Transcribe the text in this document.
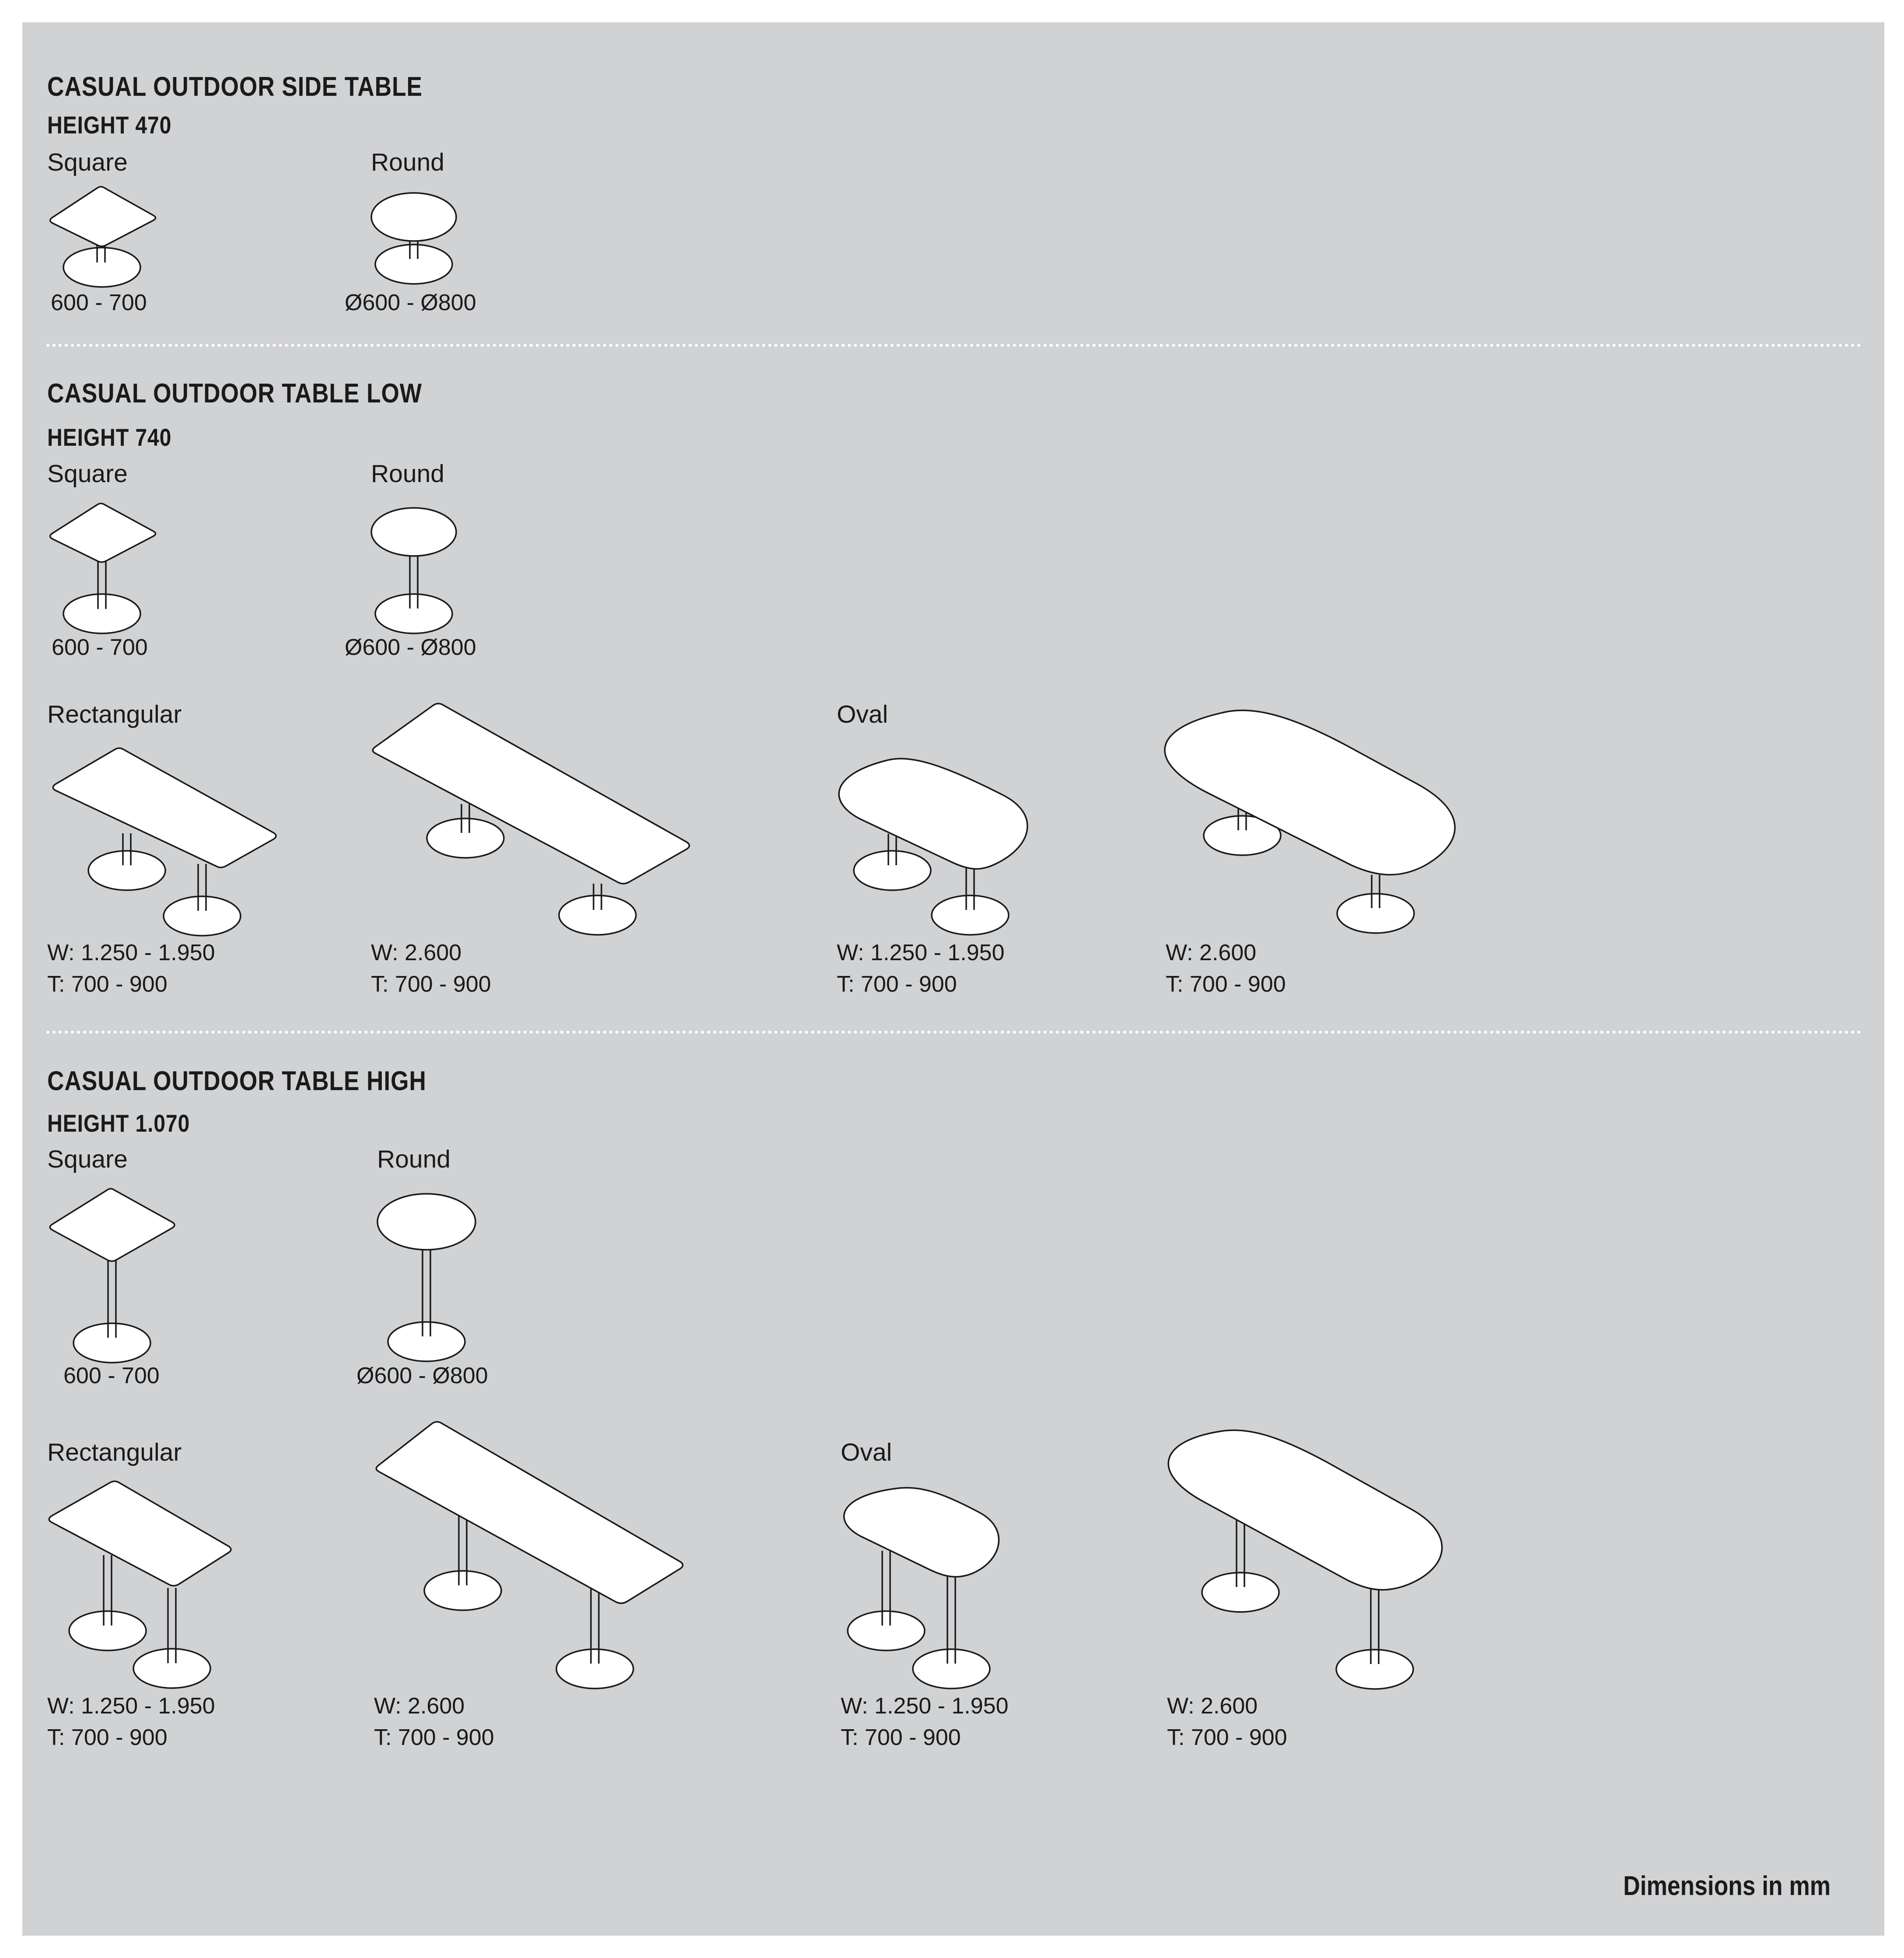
CASUAL OUTDOOR SIDE TABLE
HEIGHT 470
Square	Round
600 - 700	Ø600 - Ø800
CASUAL OUTDOOR TABLE LOW
HEIGHT 740
Square	Round
600 - 700	Ø600 - Ø800
Rectangular	Oval
W: 1.250 - 1.950
T: 700 - 900
W: 2.600
T: 700 - 900
W: 1.250 - 1.950
T: 700 - 900
W: 2.600
T: 700 - 900
CASUAL OUTDOOR TABLE HIGH
HEIGHT 1.070
Square	Round
600 - 700	Ø600 - Ø800
Rectangular	Oval
W: 1.250 - 1.950
T: 700 - 900
W: 2.600
T: 700 - 900
W: 1.250 - 1.950
T: 700 - 900
W: 2.600
T: 700 - 900
Dimensions in mm
